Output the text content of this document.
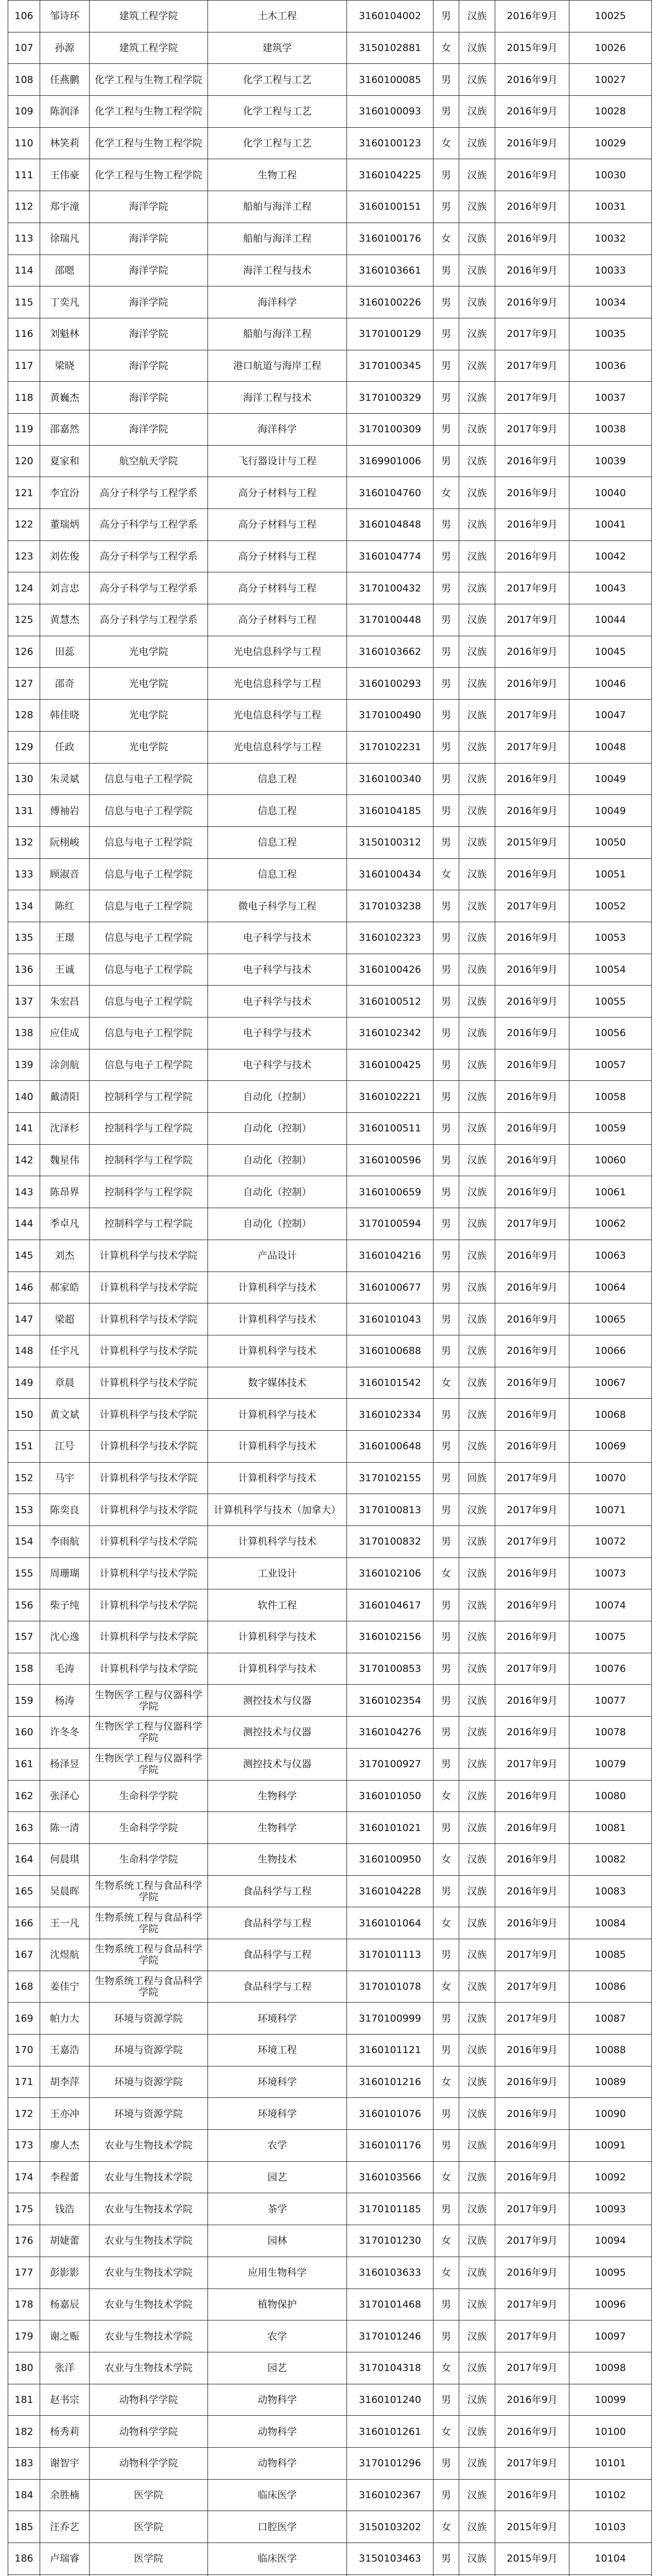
106	邹诗环	建筑工程学院	土木工程	3160104002	男	汉族	2016年9月	10025
107	孙源	建筑工程学院	建筑学	3150102881	女	汉族	2015年9月	10026
108	任燕鹏	化学工程与生物工程学院	化学工程与工艺	3160100085	男	汉族	2016年9月	10027
109	陈润泽	化学工程与生物工程学院	化学工程与工艺	3160100093	男	汉族	2016年9月	10028
110	林笑莉	化学工程与生物工程学院	化学工程与工艺	3160100123	女	汉族	2016年9月	10029
111	王伟豪	化学工程与生物工程学院	生物工程	3160104225	男	汉族	2016年9月	10030
112	郑宇潼	海洋学院	船舶与海洋工程	3160100151	男	汉族	2016年9月	10031
113	徐瑞凡	海洋学院	船舶与海洋工程	3160100176	女	汉族	2016年9月	10032
114	邵嗯	海洋学院	海洋工程与技术	3160103661	男	汉族	2016年9月	10033
115	丁奕凡	海洋学院	海洋科学	3160100226	男	汉族	2016年9月	10034
116	刘魁林	海洋学院	船舶与海洋工程	3170100129	男	汉族	2017年9月	10035
117	梁晓	海洋学院	港口航道与海岸工程	3170100345	男	汉族	2017年9月	10036
118	黄巍杰	海洋学院	海洋工程与技术	3170100329	男	汉族	2017年9月	10037
119	邵嘉然	海洋学院	海洋科学	3170100309	男	汉族	2017年9月	10038
120	夏家和	航空航天学院	飞行器设计与工程	3169901006	男	汉族	2016年9月	10039
121	李宜汾	高分子科学与工程学系	高分子材料与工程	3160104760	女	汉族	2016年9月	10040
122	董瑞炳	高分子科学与工程学系	高分子材料与工程	3160104848	男	汉族	2016年9月	10041
123	刘佐俊	高分子科学与工程学系	高分子材料与工程	3160104774	男	汉族	2016年9月	10042
124	刘言忠	高分子科学与工程学系	高分子材料与工程	3170100432	男	汉族	2017年9月	10043
125	黄慧杰	高分子科学与工程学系	高分子材料与工程	3170100448	男	汉族	2017年9月	10044
126	田蕊	光电学院	光电信息科学与工程	3160103662	男	汉族	2016年9月	10045
127	邵奇	光电学院	光电信息科学与工程	3160100293	男	汉族	2016年9月	10046
128	韩佳晓	光电学院	光电信息科学与工程	3170100490	男	汉族	2017年9月	10047
129	任政	光电学院	光电信息科学与工程	3170102231	男	汉族	2017年9月	10048
130	朱灵斌	信息与电子工程学院	信息工程	3160100340	男	汉族	2016年9月	10049
131	傅袖岩	信息与电子工程学院	信息工程	3160104185	男	汉族	2016年9月	10049
132	阮栩峻	信息与电子工程学院	信息工程	3150100312	男	汉族	2015年9月	10050
133	顾淑音	信息与电子工程学院	信息工程	3160100434	女	汉族	2016年9月	10051
134	陈红	信息与电子工程学院	微电子科学与工程	3170103238	男	汉族	2017年9月	10052
135	王璟	信息与电子工程学院	电子科学与技术	3160102323	男	汉族	2016年9月	10053
136	王诚	信息与电子工程学院	电子科学与技术	3160100426	男	汉族	2016年9月	10054
137	朱宏昌	信息与电子工程学院	电子科学与技术	3160100512	男	汉族	2016年9月	10055
138	应佳成	信息与电子工程学院	电子科学与技术	3160102342	男	汉族	2016年9月	10056
139	涂剑航	信息与电子工程学院	电子科学与技术	3160100425	男	汉族	2016年9月	10057
140	戴清阳	控制科学与工程学院	自动化（控制）	3160102221	男	汉族	2016年9月	10058
141	沈泽杉	控制科学与工程学院	自动化（控制）	3160100511	男	汉族	2016年9月	10059
142	魏星伟	控制科学与工程学院	自动化（控制）	3160100596	男	汉族	2016年9月	10060
143	陈昂界	控制科学与工程学院	自动化（控制）	3160100659	男	汉族	2016年9月	10061
144	季卓凡	控制科学与工程学院	自动化（控制）	3170100594	男	汉族	2017年9月	10062
145	刘杰	计算机科学与技术学院	产品设计	3160104216	男	汉族	2016年9月	10063
146	郝家皓	计算机科学与技术学院	计算机科学与技术	3160100677	男	汉族	2016年9月	10064
147	梁超	计算机科学与技术学院	计算机科学与技术	3160101043	男	汉族	2016年9月	10065
148	任宇凡	计算机科学与技术学院	计算机科学与技术	3160100688	男	汉族	2016年9月	10066
149	章晨	计算机科学与技术学院	数字媒体技术	3160101542	女	汉族	2016年9月	10067
150	黄文斌	计算机科学与技术学院	计算机科学与技术	3160102334	男	汉族	2016年9月	10068
151	江号	计算机科学与技术学院	计算机科学与技术	3160100648	男	汉族	2016年9月	10069
152	马宇	计算机科学与技术学院	计算机科学与技术	3170102155	男	回族	2017年9月	10070
153	陈奕良	计算机科学与技术学院	计算机科学与技术（加拿大）	3170100813	男	汉族	2017年9月	10071
154	李雨航	计算机科学与技术学院	计算机科学与技术	3170100832	男	汉族	2017年9月	10072
155	周珊瑚	计算机科学与技术学院	工业设计	3160102106	女	汉族	2016年9月	10073
156	柴子纯	计算机科学与技术学院	软件工程	3160104617	男	汉族	2016年9月	10074
157	沈心逸	计算机科学与技术学院	计算机科学与技术	3160102156	男	汉族	2016年9月	10075
158	毛涛	计算机科学与技术学院	计算机科学与技术	3170100853	男	汉族	2017年9月	10076
159	杨涛	生物医学工程与仪器科学学院	测控技术与仪器	3160102354	男	汉族	2016年9月	10077
160	许冬冬	生物医学工程与仪器科学学院	测控技术与仪器	3160104276	男	汉族	2016年9月	10078
161	杨泽昱	生物医学工程与仪器科学学院	测控技术与仪器	3170100927	男	汉族	2017年9月	10079
162	张泽心	生命科学学院	生物科学	3160101050	女	汉族	2016年9月	10080
163	陈一清	生命科学学院	生物科学	3160101021	男	汉族	2016年9月	10081
164	何晨琪	生命科学学院	生物技术	3160100950	女	汉族	2016年9月	10082
165	吴晨晖	生物系统工程与食品科学学院	食品科学与工程	3160104228	男	汉族	2016年9月	10083
166	王一凡	生物系统工程与食品科学学院	食品科学与工程	3160101064	女	汉族	2016年9月	10084
167	沈煜航	生物系统工程与食品科学学院	食品科学与工程	3170101113	男	汉族	2017年9月	10085
168	姜佳宁	生物系统工程与食品科学学院	食品科学与工程	3170101078	女	汉族	2017年9月	10086
169	帕力大	环境与资源学院	环境科学	3170100999	男	汉族	2017年9月	10087
170	王嘉浩	环境与资源学院	环境工程	3160101121	男	汉族	2016年9月	10088
171	胡李萍	环境与资源学院	环境科学	3160101216	女	汉族	2016年9月	10089
172	王亦冲	环境与资源学院	环境科学	3160101076	男	汉族	2016年9月	10090
173	廖人杰	农业与生物技术学院	农学	3160101176	男	汉族	2016年9月	10091
174	李程蕾	农业与生物技术学院	园艺	3160103566	女	汉族	2016年9月	10092
175	钱浩	农业与生物技术学院	茶学	3170101185	男	汉族	2017年9月	10093
176	胡婕蕾	农业与生物技术学院	园林	3170101230	女	汉族	2017年9月	10094
177	彭影影	农业与生物技术学院	应用生物科学	3160103633	女	汉族	2016年9月	10095
178	杨嘉辰	农业与生物技术学院	植物保护	3170101468	男	汉族	2017年9月	10096
179	谢之赈	农业与生物技术学院	农学	3170101246	男	汉族	2017年9月	10097
180	张洋	农业与生物技术学院	园艺	3170104318	女	汉族	2017年9月	10098
181	赵书宗	动物科学学院	动物科学	3160101240	男	汉族	2016年9月	10099
182	杨秀莉	动物科学学院	动物科学	3160101261	女	汉族	2016年9月	10100
183	谢智宇	动物科学学院	动物科学	3170101296	男	汉族	2017年9月	10101
184	余胜楠	医学院	临床医学	3160102367	男	汉族	2016年9月	10102
185	汪乔艺	医学院	口腔医学	3150103202	女	汉族	2015年9月	10103
186	卢瑞睿	医学院	临床医学	3150103463	男	汉族	2015年9月	10104
